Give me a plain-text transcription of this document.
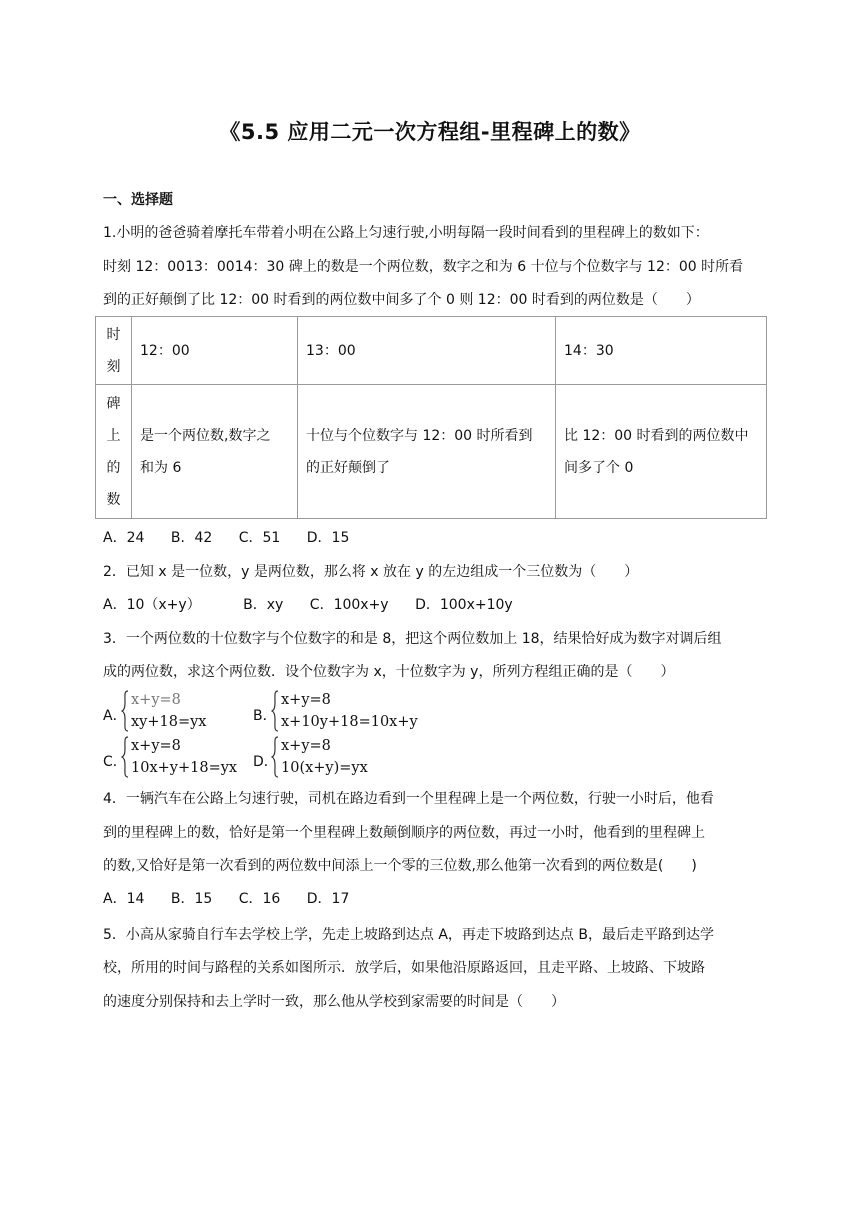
《5.5 应用二元一次方程组-里程碑上的数》
一、选择题
1.小明的爸爸骑着摩托车带着小明在公路上匀速行驶,小明每隔一段时间看到的里程碑上的数如下：
时刻 12：0013：0014：30 碑上的数是一个两位数，数字之和为 6 十位与个位数字与 12：00 时所看
到的正好颠倒了比 12：00 时看到的两位数中间多了个 0 则 12：00 时看到的两位数是（　　）
时
刻	12：00	13：00	14：30

碑
上
的
数	是一个两位数,数字之
和为 6	十位与个位数字与 12：00 时所看到
的正好颠倒了	比 12：00 时看到的两位数中
间多了个 0
A．24 B．42 C．51 D．15
2．已知 x 是一位数，y 是两位数，那么将 x 放在 y 的左边组成一个三位数为（　　）
A．10（x+y）	B．xy C．100x+y D．100x+10y
3．一个两位数的十位数字与个位数字的和是 8，把这个两位数加上 18，结果恰好成为数字对调后组
成的两位数，求这个两位数．设个位数字为 x，十位数字为 y，所列方程组正确的是（　　）
A．
x+y=8
xy+18=yx	B．
x+y=8
x+10y+18=10x+y
C．
x+y=8
10x+y+18=yx D．
x+y=8
10(x+y)=yx
4．一辆汽车在公路上匀速行驶，司机在路边看到一个里程碑上是一个两位数，行驶一小时后，他看
到的里程碑上的数，恰好是第一个里程碑上数颠倒顺序的两位数，再过一小时，他看到的里程碑上
的数,又恰好是第一次看到的两位数中间添上一个零的三位数,那么他第一次看到的两位数是(　　)
A．14 B．15 C．16 D．17
5．小高从家骑自行车去学校上学，先走上坡路到达点 A，再走下坡路到达点 B，最后走平路到达学
校，所用的时间与路程的关系如图所示．放学后，如果他沿原路返回，且走平路、上坡路、下坡路
的速度分别保持和去上学时一致，那么他从学校到家需要的时间是（　　）
